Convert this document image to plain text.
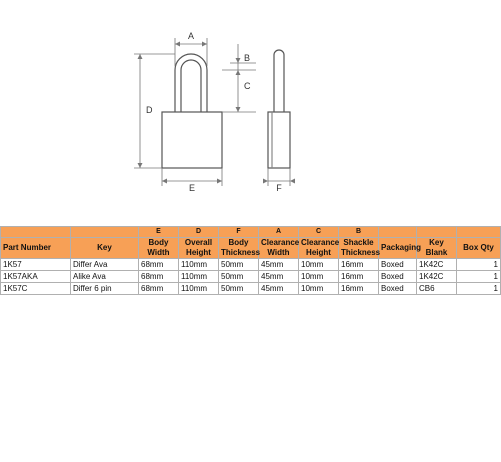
A
B
C
D
E	F
		E	D	F	A	C	B			
Part Number	Key	Body Width	Overall Height	Body Thickness	Clearance Width	Clearance Height	Shackle Thickness	Packaging	Key Blank	Box Qty
1K57	Differ Ava	68mm	110mm	50mm	45mm	10mm	16mm	Boxed	1K42C	1
1K57AKA	Alike Ava	68mm	110mm	50mm	45mm	10mm	16mm	Boxed	1K42C	1
1K57C	Differ 6 pin	68mm	110mm	50mm	45mm	10mm	16mm	Boxed	CB6	1
